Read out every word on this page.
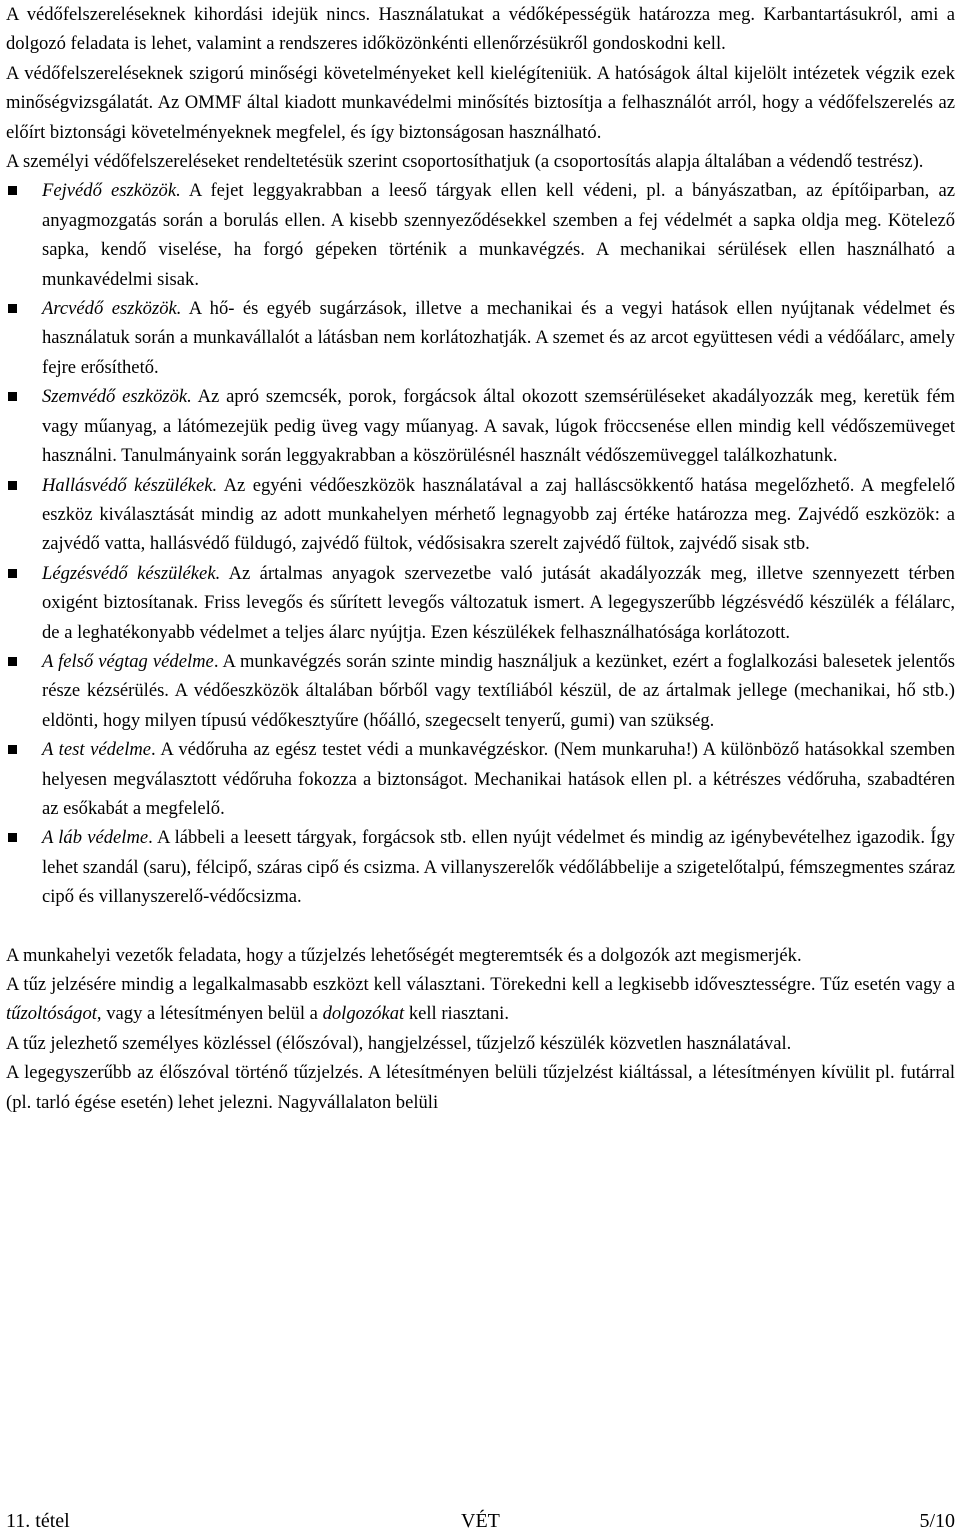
A védőfelszereléseknek kihordási idejük nincs. Használatukat a védőképességük határozza meg. Karbantartásukról, ami a dolgozó feladata is lehet, valamint a rendszeres időközönkénti ellenőrzésükről gondoskodni kell.

A védőfelszereléseknek szigorú minőségi követelményeket kell kielégíteniük. A hatóságok által kijelölt intézetek végzik ezek minőségvizsgálatát. Az OMMF által kiadott munkavédelmi minősítés biztosítja a felhasználót arról, hogy a védőfelszerelés az előírt biztonsági követelményeknek megfelel, és így biztonságosan használható.

A személyi védőfelszereléseket rendeltetésük szerint csoportosíthatjuk (a csoportosítás alapja általában a védendő testrész).

Fejvédő eszközök. A fejet leggyakrabban a leeső tárgyak ellen kell védeni, pl. a bányászatban, az építőiparban, az anyagmozgatás során a borulás ellen. A kisebb szennyeződésekkel szemben a fej védelmét a sapka oldja meg. Kötelező sapka, kendő viselése, ha forgó gépeken történik a munkavégzés. A mechanikai sérülések ellen használható a munkavédelmi sisak.
Arcvédő eszközök. A hő- és egyéb sugárzások, illetve a mechanikai és a vegyi hatások ellen nyújtanak védelmet és használatuk során a munkavállalót a látásban nem korlátozhatják. A szemet és az arcot együttesen védi a védőálarc, amely fejre erősíthető.
Szemvédő eszközök. Az apró szemcsék, porok, forgácsok által okozott szemsérüléseket akadályozzák meg, keretük fém vagy műanyag, a látómezejük pedig üveg vagy műanyag. A savak, lúgok fröccsenése ellen mindig kell védőszemüveget használni. Tanulmányaink során leggyakrabban a köszörülésnél használt védőszemüveggel találkozhatunk.
Hallásvédő készülékek. Az egyéni védőeszközök használatával a zaj halláscsökkentő hatása megelőzhető. A megfelelő eszköz kiválasztását mindig az adott munkahelyen mérhető legnagyobb zaj értéke határozza meg. Zajvédő eszközök: a zajvédő vatta, hallásvédő füldugó, zajvédő fültok, védősisakra szerelt zajvédő fültok, zajvédő sisak stb.
Légzésvédő készülékek. Az ártalmas anyagok szervezetbe való jutását akadályozzák meg, illetve szennyezett térben oxigént biztosítanak. Friss levegős és sűrített levegős változatuk ismert. A legegyszerűbb légzésvédő készülék a félálarc, de a leghatékonyabb védelmet a teljes álarc nyújtja. Ezen készülékek felhasználhatósága korlátozott.
A felső végtag védelme. A munkavégzés során szinte mindig használjuk a kezünket, ezért a foglalkozási balesetek jelentős része kézsérülés. A védőeszközök általában bőrből vagy textíliából készül, de az ártalmak jellege (mechanikai, hő stb.) eldönti, hogy milyen típusú védőkesztyűre (hőálló, szegecselt tenyerű, gumi) van szükség.
A test védelme. A védőruha az egész testet védi a munkavégzéskor. (Nem munkaruha!) A különböző hatásokkal szemben helyesen megválasztott védőruha fokozza a biztonságot. Mechanikai hatások ellen pl. a kétrészes védőruha, szabadtéren az esőkabát a megfelelő.
A láb védelme. A lábbeli a leesett tárgyak, forgácsok stb. ellen nyújt védelmet és mindig az igénybevételhez igazodik. Így lehet szandál (saru), félcipő, száras cipő és csizma. A villanyszerelők védőlábbelije a szigetelőtalpú, fémszegmentes száraz cipő és villanyszerelő-védőcsizma.

A munkahelyi vezetők feladata, hogy a tűzjelzés lehetőségét megteremtsék és a dolgozók azt megismerjék.

A tűz jelzésére mindig a legalkalmasabb eszközt kell választani. Törekedni kell a legkisebb idővesztességre. Tűz esetén vagy a tűzoltóságot, vagy a létesítményen belül a dolgozókat kell riasztani.

A tűz jelezhető személyes közléssel (élőszóval), hangjelzéssel, tűzjelző készülék közvetlen használatával.

A legegyszerűbb az élőszóval történő tűzjelzés. A létesítményen belüli tűzjelzést kiáltással, a létesítményen kívülit pl. futárral (pl. tarló égése esetén) lehet jelezni. Nagyvállalaton belüli

11. tétel	VÉT	5/10
